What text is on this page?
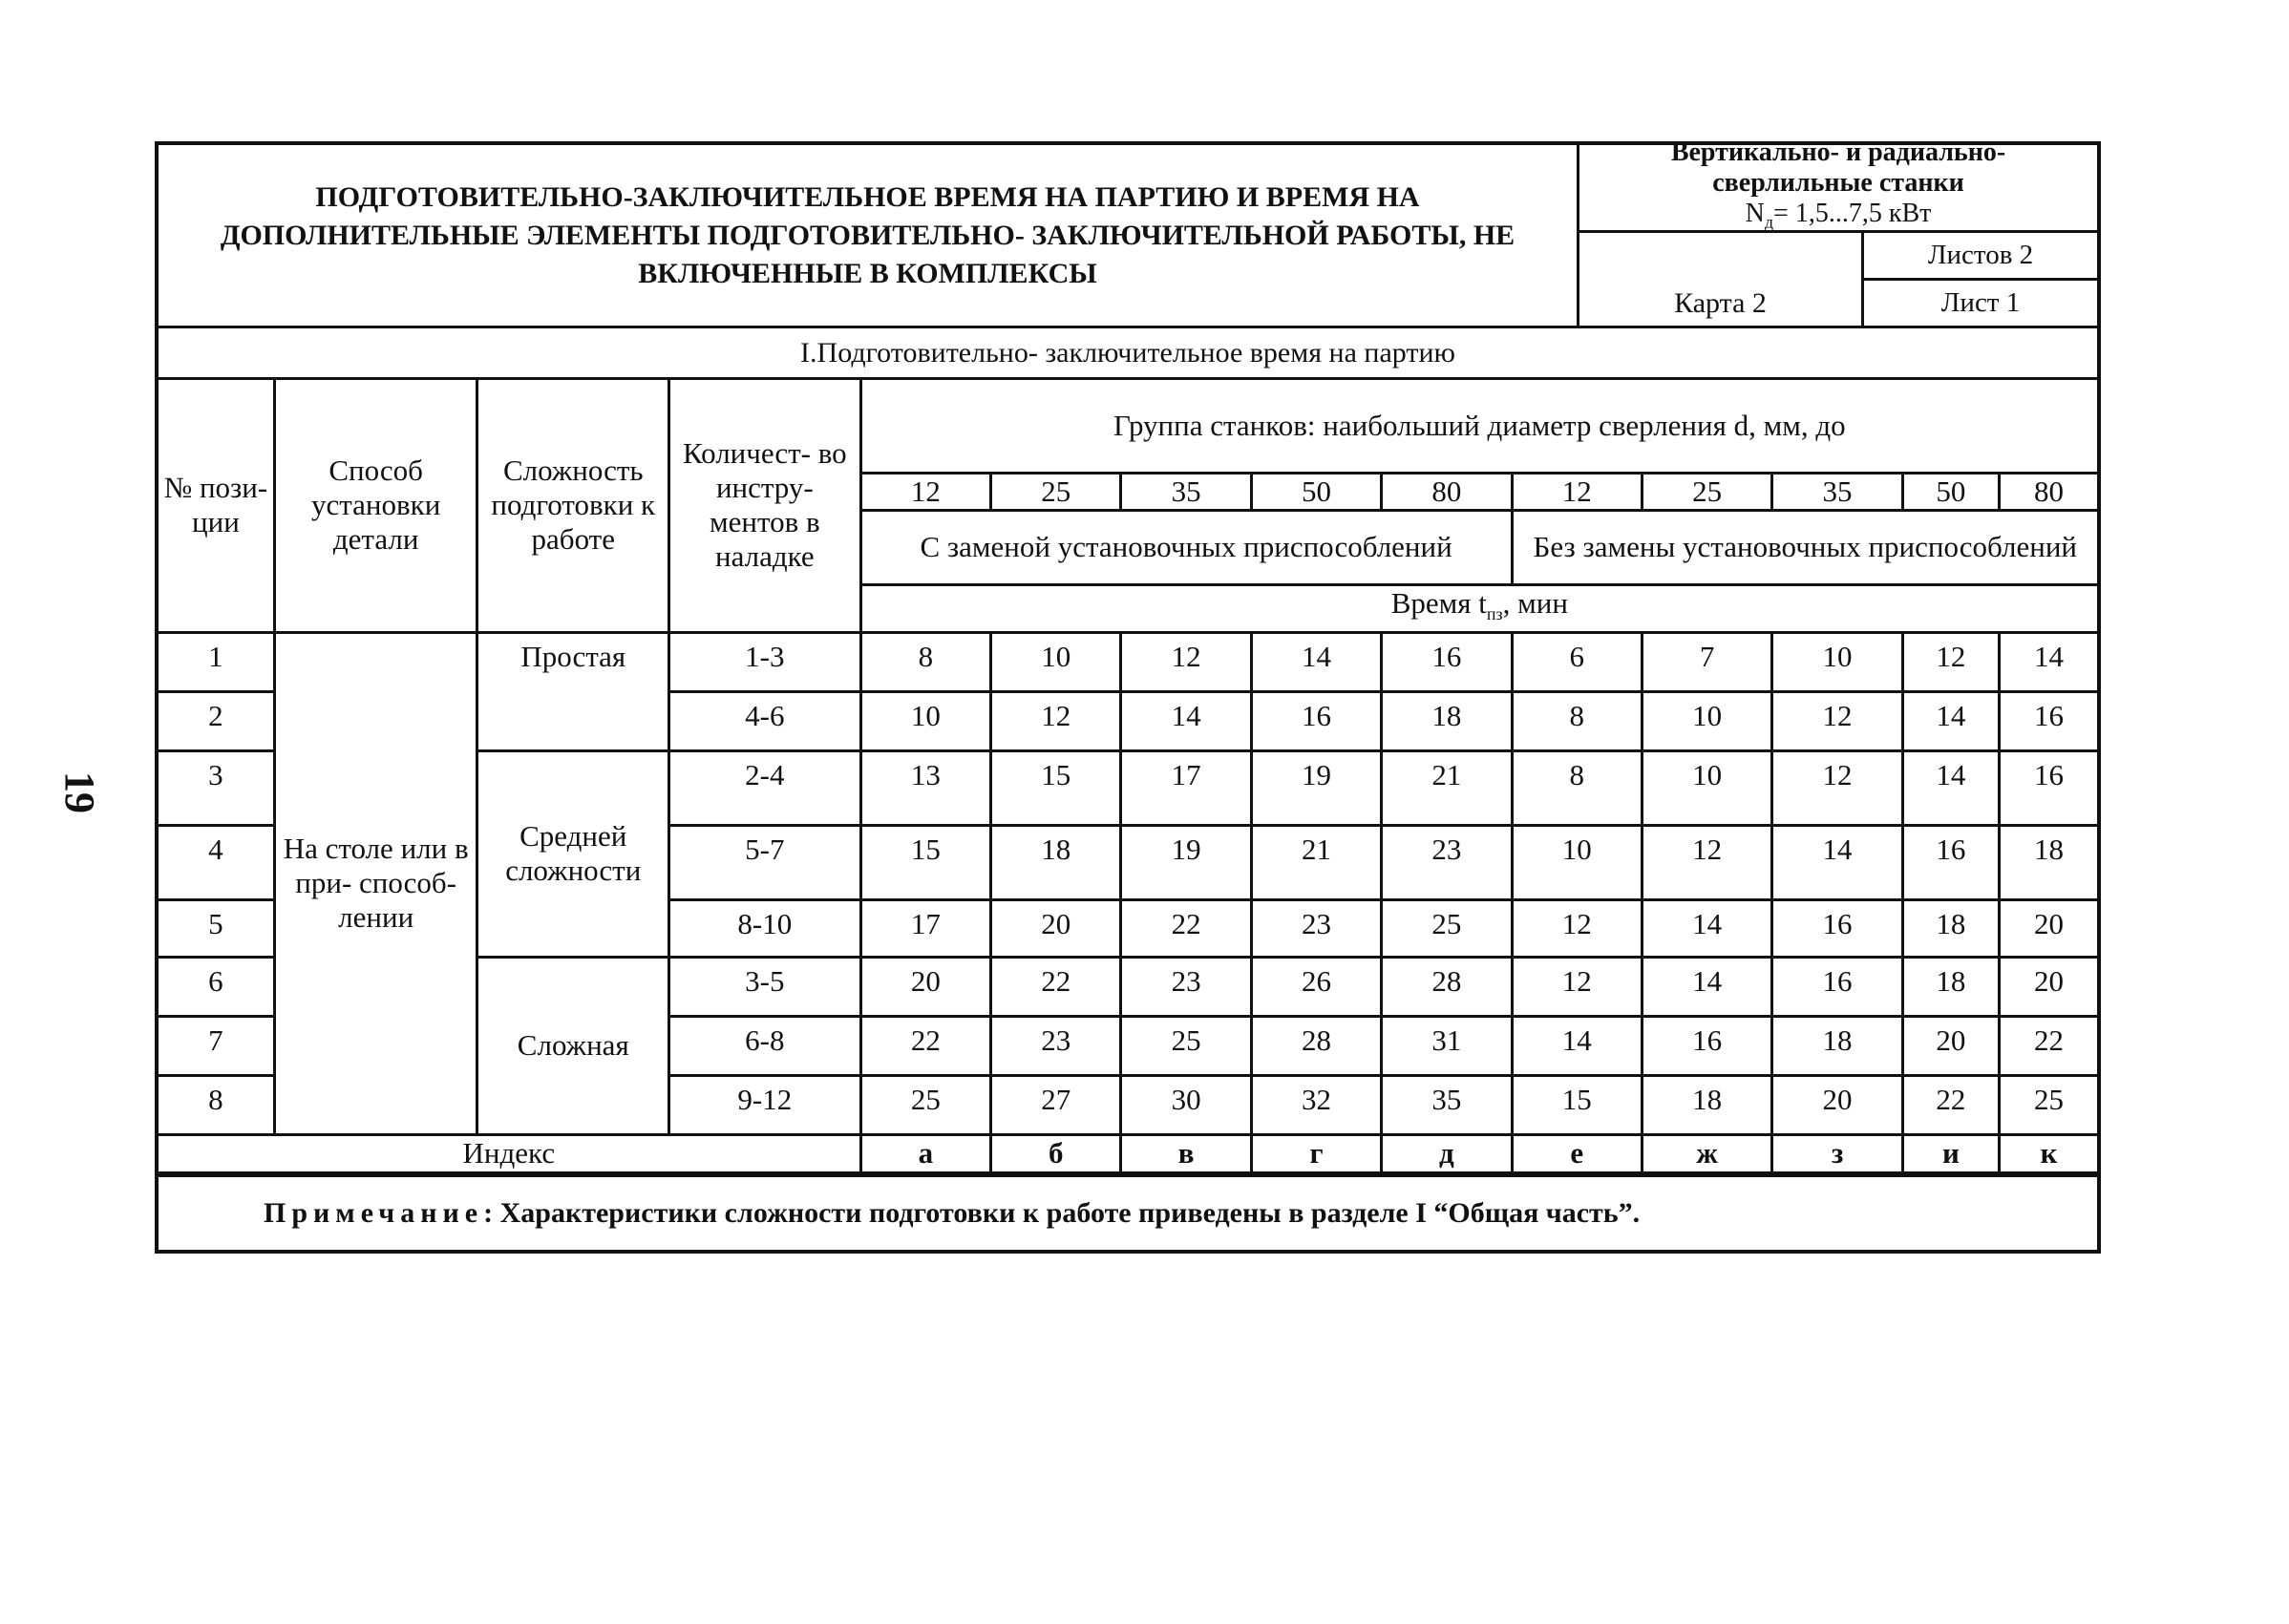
19
ПОДГОТОВИТЕЛЬНО-ЗАКЛЮЧИТЕЛЬНОЕ ВРЕМЯ НА ПАРТИЮ И ВРЕМЯ НА ДОПОЛНИТЕЛЬНЫЕ ЭЛЕМЕНТЫ ПОДГОТОВИТЕЛЬНО- ЗАКЛЮЧИТЕЛЬНОЙ РАБОТЫ, НЕ ВКЛЮЧЕННЫЕ В КОМПЛЕКСЫ
Вертикально- и радиально-
сверлильные станки
$N_д= 1,5...7,5$ кВт
Карта 2
Листов 2
Лист 1
I.Подготовительно- заключительное время на партию
№ пози- ции	Способ установки детали	Сложность подготовки к работе	Количест- во инстру- ментов в наладке	Группа станков: наибольший диаметр сверления d, мм, до									
				12	25	35	50	80	12	25	35	50	80
				С заменой установочных приспособлений					Без замены установочных приспособлений				
				Время $t_{пз}$, мин									
1	На столе или в при- способ- лении	Простая	1-3	8	10	12	14	16	6	7	10	12	14
2			4-6	10	12	14	16	18	8	10	12	14	16
3		Средней сложности	2-4	13	15	17	19	21	8	10	12	14	16
4			5-7	15	18	19	21	23	10	12	14	16	18
5			8-10	17	20	22	23	25	12	14	16	18	20
6		Сложная	3-5	20	22	23	26	28	12	14	16	18	20
7			6-8	22	23	25	28	31	14	16	18	20	22
8			9-12	25	27	30	32	35	15	18	20	22	25
Индекс				а	б	в	г	д	е	ж	з	и	к
Примечание : Характеристики сложности подготовки к работе приведены в разделе I “Общая часть”.
